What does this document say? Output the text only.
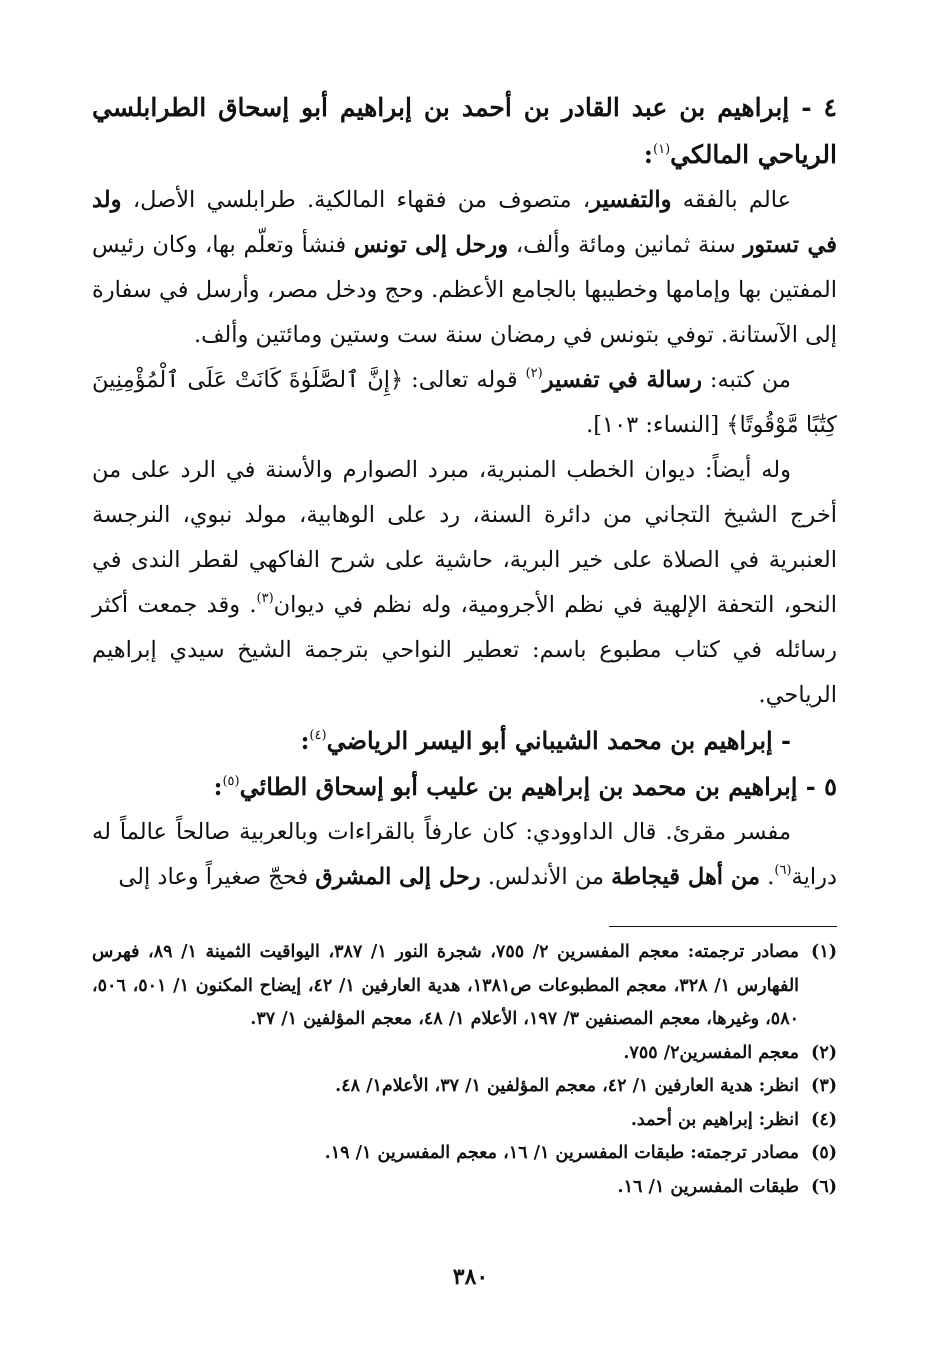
٤ - إبراهيم بن عبد القادر بن أحمد بن إبراهيم أبو إسحاق الطرابلسي الرياحي المالكي$^{(١)}$:

عالم بالفقه والتفسير، متصوف من فقهاء المالكية. طرابلسي الأصل، ولد في تستور سنة ثمانين ومائة وألف، ورحل إلى تونس فنشأ وتعلّم بها، وكان رئيس المفتين بها وإمامها وخطيبها بالجامع الأعظم. وحج ودخل مصر، وأرسل في سفارة إلى الآستانة. توفي بتونس في رمضان سنة ست وستين ومائتين وألف.

من كتبه: رسالة في تفسير$^{(٢)}$ قوله تعالى: ﴿إِنَّ ٱلصَّلَوٰةَ كَانَتْ عَلَى ٱلْمُؤْمِنِينَ كِتَٰبًا مَّوْقُوتًا﴾ [النساء: ١٠٣].

وله أيضاً: ديوان الخطب المنبرية، مبرد الصوارم والأسنة في الرد على من أخرج الشيخ التجاني من دائرة السنة، رد على الوهابية، مولد نبوي، النرجسة العنبرية في الصلاة على خير البرية، حاشية على شرح الفاكهي لقطر الندى في النحو، التحفة الإلهية في نظم الأجرومية، وله نظم في ديوان$^{(٣)}$. وقد جمعت أكثر رسائله في كتاب مطبوع باسم: تعطير النواحي بترجمة الشيخ سيدي إبراهيم الرياحي.

- إبراهيم بن محمد الشيباني أبو اليسر الرياضي$^{(٤)}$:

٥ - إبراهيم بن محمد بن إبراهيم بن عليب أبو إسحاق الطائي$^{(٥)}$:

مفسر مقرئ. قال الداوودي: كان عارفاً بالقراءات وبالعربية صالحاً عالماً له دراية$^{(٦)}$. من أهل قيجاطة من الأندلس. رحل إلى المشرق فحجّ صغيراً وعاد إلى

(١)
مصادر ترجمته: معجم المفسرين ٢/ ٧٥٥، شجرة النور ١/ ٣٨٧، اليواقيت الثمينة ١/ ٨٩، فهرس الفهارس ١/ ٣٢٨، معجم المطبوعات ص١٣٨١، هدية العارفين ١/ ٤٢، إيضاح المكنون ١/ ٥٠١، ٥٠٦، ٥٨٠، وغيرها، معجم المصنفين ٣/ ١٩٧، الأعلام ١/ ٤٨، معجم المؤلفين ١/ ٣٧.
(٢)
معجم المفسرين٢/ ٧٥٥.
(٣)
انظر: هدية العارفين ١/ ٤٢، معجم المؤلفين ١/ ٣٧، الأعلام١/ ٤٨.
(٤)
انظر: إبراهيم بن أحمد.
(٥)
مصادر ترجمته: طبقات المفسرين ١/ ١٦، معجم المفسرين ١/ ١٩.
(٦)
طبقات المفسرين ١/ ١٦.
٣٨٠
